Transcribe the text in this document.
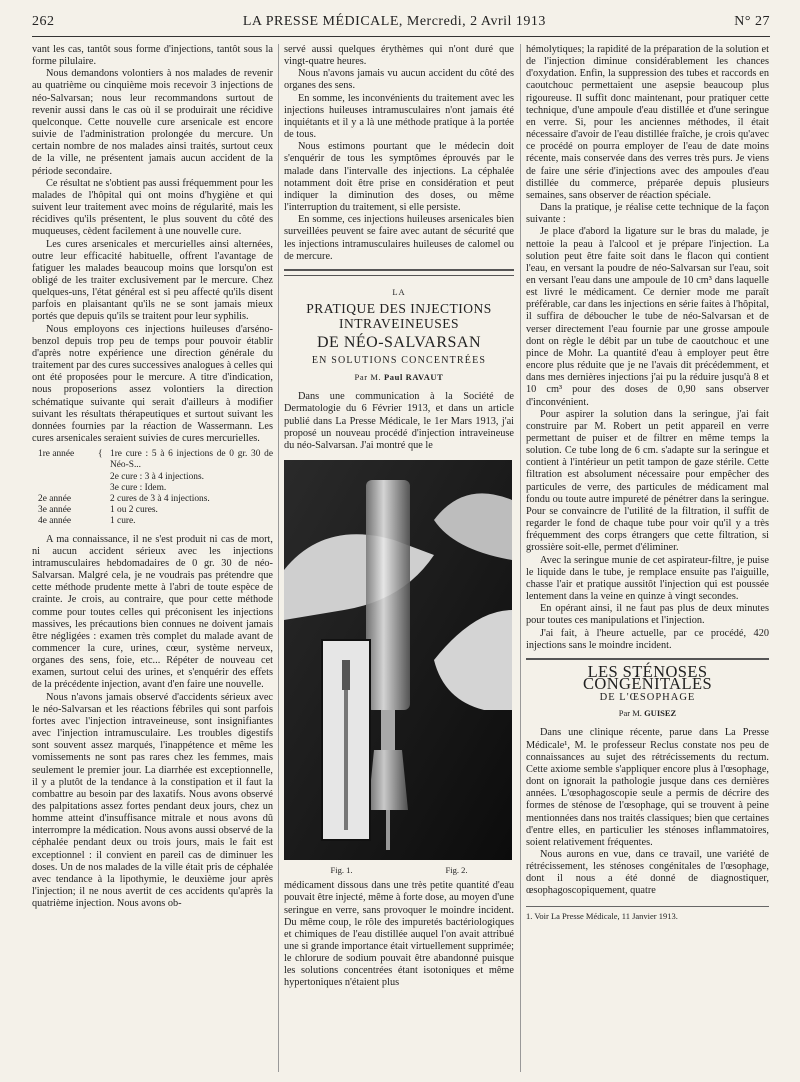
262	LA PRESSE MÉDICALE, Mercredi, 2 Avril 1913	N° 27

vant les cas, tantôt sous forme d'injections, tantôt sous la forme pilulaire.

Nous demandons volontiers à nos malades de revenir au quatrième ou cinquième mois recevoir 3 injections de néo-Salvarsan; nous leur recommandons surtout de revenir aussi dans le cas où il se produirait une récidive quelconque. Cette nouvelle cure arsenicale est encore suivie de l'administration prolongée du mercure. Un certain nombre de nos malades ainsi traités, surtout ceux de la ville, ne présentent jamais aucun accident de la période secondaire.

Ce résultat ne s'obtient pas aussi fréquemment pour les malades de l'hôpital qui ont moins d'hygiène et qui suivent leur traitement avec moins de régularité, mais les récidives qu'ils présentent, le plus souvent du côté des muqueuses, cèdent facilement à une nouvelle cure.

Les cures arsenicales et mercurielles ainsi alternées, outre leur efficacité habituelle, offrent l'avantage de fatiguer les malades beaucoup moins que lorsqu'on est obligé de les traiter exclusivement par le mercure. Chez quelques-uns, l'état général est si peu affecté qu'ils disent parfois en plaisantant qu'ils ne se sont jamais mieux portés que depuis qu'ils se traitent pour leur syphilis.

Nous employons ces injections huileuses d'arséno-benzol depuis trop peu de temps pour pouvoir établir d'après notre expérience une direction générale du traitement par des cures successives analogues à celles qui ont été proposées pour le mercure. A titre d'indication, nous proposerions assez volontiers la direction schématique suivante qui serait d'ailleurs à modifier suivant les résultats thérapeutiques et surtout suivant les données fournies par la réaction de Wassermann. Les cures arsenicales seraient suivies de cures mercurielles.

1re année	{ 1re cure : 5 à 6 injections de 0 gr. 30 de Néo-S...
2e cure : 3 à 4 injections.
3e cure : Idem.
2e année	2 cures de 3 à 4 injections.
3e année	1 ou 2 cures.
4e année	1 cure.

A ma connaissance, il ne s'est produit ni cas de mort, ni aucun accident sérieux avec les injections intramusculaires hebdomadaires de 0 gr. 30 de néo-Salvarsan. Malgré cela, je ne voudrais pas prétendre que cette méthode prudente mette à l'abri de toute espèce de crainte. Je crois, au contraire, que pour cette méthode comme pour toutes celles qui préconisent les injections massives, les précautions bien connues ne doivent jamais être négligées : examen très complet du malade avant de commencer la cure, urines, cœur, système nerveux, organes des sens, foie, etc... Répéter de nouveau cet examen, surtout celui des urines, et s'enquérir des effets de la précédente injection, avant d'en faire une nouvelle.

Nous n'avons jamais observé d'accidents sérieux avec le néo-Salvarsan et les réactions fébriles qui sont parfois fortes avec l'injection intraveineuse, sont insignifiantes avec l'injection intramusculaire. Les troubles digestifs sont souvent assez marqués, l'inappétence et même les vomissements ne sont pas rares chez les femmes, mais seulement le premier jour. La diarrhée est exceptionnelle, il y a plutôt de la tendance à la constipation et il faut la combattre au besoin par des laxatifs. Nous avons observé des palpitations assez fortes pendant deux jours, chez un homme atteint d'insuffisance mitrale et nous avons dû interrompre la médication. Nous avons aussi observé de la céphalée pendant deux ou trois jours, mais le fait est exceptionnel : il convient en pareil cas de diminuer les doses. Un de nos malades de la ville était pris de céphalée avec tendance à la lipothymie, le deuxième jour après l'injection; il ne nous avertit de ces accidents qu'après la quatrième injection. Nous avons ob-

servé aussi quelques érythèmes qui n'ont duré que vingt-quatre heures.

Nous n'avons jamais vu aucun accident du côté des organes des sens.

En somme, les inconvénients du traitement avec les injections huileuses intramusculaires n'ont jamais été inquiétants et il y a là une méthode pratique à la portée de tous.

Nous estimons pourtant que le médecin doit s'enquérir de tous les symptômes éprouvés par le malade dans l'intervalle des injections. La céphalée notamment doit être prise en considération et peut indiquer la diminution des doses, ou même l'interruption du traitement, si elle persiste.

En somme, ces injections huileuses arsenicales bien surveillées peuvent se faire avec autant de sécurité que les injections intramusculaires huileuses de calomel ou de mercure.

LA
PRATIQUE DES INJECTIONS INTRAVEINEUSES
DE NÉO-SALVARSAN
EN SOLUTIONS CONCENTRÉES
Par M. Paul RAVAUT

Dans une communication à la Société de Dermatologie du 6 Février 1913, et dans un article publié dans La Presse Médicale, le 1er Mars 1913, j'ai proposé un nouveau procédé d'injection intraveineuse du néo-Salvarsan. J'ai montré que le

Fig. 1.	Fig. 2.

médicament dissous dans une très petite quantité d'eau pouvait être injecté, même à forte dose, au moyen d'une seringue en verre, sans provoquer le moindre incident. Du même coup, le rôle des impuretés bactériologiques et chimiques de l'eau distillée auquel l'on avait attribué une si grande importance était virtuellement supprimée; le chlorure de sodium pouvait être abandonné puisque les solutions concentrées étant isotoniques et même hypertoniques n'étaient plus

hémolytiques; la rapidité de la préparation de la solution et de l'injection diminue considérablement les chances d'oxydation. Enfin, la suppression des tubes et raccords en caoutchouc permettaient une asepsie beaucoup plus rigoureuse. Il suffit donc maintenant, pour pratiquer cette technique, d'une ampoule d'eau distillée et d'une seringue en verre. Si, pour les anciennes méthodes, il était nécessaire d'avoir de l'eau distillée fraîche, je crois qu'avec ce procédé on pourra employer de l'eau de date moins récente, mais conservée dans des verres très purs. Je viens de faire une série d'injections avec des ampoules d'eau distillée du commerce, préparée depuis plusieurs semaines, sans observer de réaction spéciale.

Dans la pratique, je réalise cette technique de la façon suivante :

Je place d'abord la ligature sur le bras du malade, je nettoie la peau à l'alcool et je prépare l'injection. La solution peut être faite soit dans le flacon qui contient l'eau, en versant la poudre de néo-Salvarsan sur l'eau, soit en versant l'eau dans une ampoule de 10 cm³ dans laquelle est livré le médicament. Ce dernier mode me paraît préférable, car dans les injections en série faites à l'hôpital, il suffira de déboucher le tube de néo-Salvarsan et de verser directement l'eau fournie par une grosse ampoule dont on règle le débit par un tube de caoutchouc et une pince de Mohr. La quantité d'eau à employer peut être encore plus réduite que je ne l'avais dit précédemment, et dans mes dernières injections j'ai pu la réduire jusqu'à 8 et 10 cm³ pour des doses de 0,90 sans observer d'inconvénient.

Pour aspirer la solution dans la seringue, j'ai fait construire par M. Robert un petit appareil en verre permettant de puiser et de filtrer en même temps la solution. Ce tube long de 6 cm. s'adapte sur la seringue et contient à l'intérieur un petit tampon de gaze stérile. Cette filtration est absolument nécessaire pour empêcher des particules de verre, des particules de médicament mal fondu ou toute autre impureté de pénétrer dans la seringue. Pour se convaincre de l'utilité de la filtration, il suffit de regarder le fond de chaque tube pour voir qu'il y a très fréquemment des corps étrangers que cette filtration, si grossière soit-elle, permet d'éliminer.

Avec la seringue munie de cet aspirateur-filtre, je puise le liquide dans le tube, je remplace ensuite pas l'aiguille, chasse l'air et pratique aussitôt l'injection qui est poussée lentement dans la veine en quinze à vingt secondes.

En opérant ainsi, il ne faut pas plus de deux minutes pour toutes ces manipulations et l'injection.

J'ai fait, à l'heure actuelle, par ce procédé, 420 injections sans le moindre incident.

LES STÉNOSES CONGÉNITALES
DE L'ŒSOPHAGE
Par M. GUISEZ

Dans une clinique récente, parue dans La Presse Médicale¹, M. le professeur Reclus constate nos peu de connaissances au sujet des rétrécissements du rectum. Cette axiome semble s'appliquer encore plus à l'œsophage, dont on ignorait la pathologie jusque dans ces dernières années. L'œsophagoscopie seule a permis de décrire des formes de sténose de l'œsophage, qui se trouvent à peine mentionnées dans nos traités classiques; bien que certaines d'entre elles, en particulier les sténoses inflammatoires, soient relativement fréquentes.

Nous aurons en vue, dans ce travail, une variété de rétrécissement, les sténoses congénitales de l'œsophage, dont il nous a été donné de diagnostiquer, œsophagoscopiquement, quatre

1. Voir La Presse Médicale, 11 Janvier 1913.
